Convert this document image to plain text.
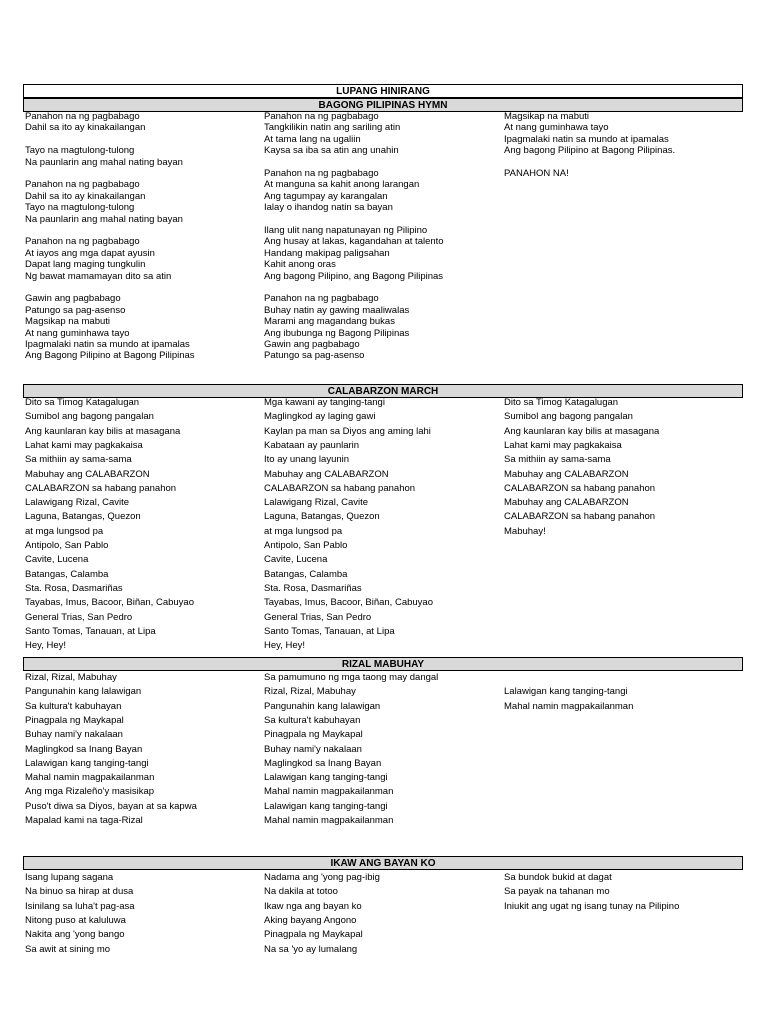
LUPANG HINIRANG
BAGONG PILIPINAS HYMN
Panahon na ng pagbabago
Dahil sa ito ay kinakailangan
Tayo na magtulong-tulong
Na paunlarin ang mahal nating bayan
Panahon na ng pagbabago
Dahil sa ito ay kinakailangan
Tayo na magtulong-tulong
Na paunlarin ang mahal nating bayan
Panahon na ng pagbabago
At iayos ang mga dapat ayusin
Dapat lang maging tungkulin
Ng bawat mamamayan dito sa atin
Gawin ang pagbabago
Patungo sa pag-asenso
Magsikap na mabuti
At nang guminhawa tayo
Ipagmalaki natin sa mundo at ipamalas
Ang Bagong Pilipino at Bagong Pilipinas
Panahon na ng pagbabago
Tangkilikin natin ang sariling atin
At tama lang na ugaliin
Kaysa sa iba sa atin ang unahin
Panahon na ng pagbabago
At manguna sa kahit anong larangan
Ang tagumpay ay karangalan
Ialay o ihandog natin sa bayan
Ilang ulit nang napatunayan ng Pilipino
Ang husay at lakas, kagandahan at talento
Handang makipag paligsahan
Kahit anong oras
Ang bagong Pilipino, ang Bagong Pilipinas
Panahon na ng pagbabago
Buhay natin ay gawing maaliwalas
Marami ang magandang bukas
Ang ibubunga ng Bagong Pilipinas
Gawin ang pagbabago
Patungo sa pag-asenso
Magsikap na mabuti
At nang guminhawa tayo
Ipagmalaki natin sa mundo at ipamalas
Ang bagong Pilipino at Bagong Pilipinas.
PANAHON NA!
CALABARZON MARCH
Dito sa Timog Katagalugan
Sumibol ang bagong pangalan
Ang kaunlaran kay bilis at masagana
Lahat kami may pagkakaisa
Sa mithiin ay sama-sama
Mabuhay ang CALABARZON
CALABARZON sa habang panahon
Lalawigang Rizal, Cavite
Laguna, Batangas, Quezon
at mga lungsod pa
Antipolo, San Pablo
Cavite, Lucena
Batangas, Calamba
Sta. Rosa, Dasmariñas
Tayabas, Imus, Bacoor, Biñan, Cabuyao
General Trias, San Pedro
Santo Tomas, Tanauan, at Lipa
Hey, Hey!
Mga kawani ay tanging-tangi
Maglingkod ay laging gawi
Kaylan pa man sa Diyos ang aming lahi
Kabataan ay paunlarin
Ito ay unang layunin
Mabuhay ang CALABARZON
CALABARZON sa habang panahon
Lalawigang Rizal, Cavite
Laguna, Batangas, Quezon
at mga lungsod pa
Antipolo, San Pablo
Cavite, Lucena
Batangas, Calamba
Sta. Rosa, Dasmariñas
Tayabas, Imus, Bacoor, Biñan, Cabuyao
General Trias, San Pedro
Santo Tomas, Tanauan, at Lipa
Hey, Hey!
Dito sa Timog Katagalugan
Sumibol ang bagong pangalan
Ang kaunlaran kay bilis at masagana
Lahat kami may pagkakaisa
Sa mithiin ay sama-sama
Mabuhay ang CALABARZON
CALABARZON sa habang panahon
Mabuhay ang CALABARZON
CALABARZON sa habang panahon
Mabuhay!
RIZAL MABUHAY
Rizal, Rizal, Mabuhay
Pangunahin kang lalawigan
Sa kultura't kabuhayan
Pinagpala ng Maykapal
Buhay nami'y nakalaan
Maglingkod sa Inang Bayan
Lalawigan kang tanging-tangi
Mahal namin magpakailanman
Ang mga Rizaleño'y masisikap
Puso't diwa sa Diyos, bayan at sa kapwa
Mapalad kami na taga-Rizal
Sa pamumuno ng mga taong may dangal
Rizal, Rizal, Mabuhay
Pangunahin kang lalawigan
Sa kultura't kabuhayan
Pinagpala ng Maykapal
Buhay nami'y nakalaan
Maglingkod sa Inang Bayan
Lalawigan kang tanging-tangi
Mahal namin magpakailanman
Lalawigan kang tanging-tangi
Mahal namin magpakailanman
Lalawigan kang tanging-tangi
Mahal namin magpakailanman
IKAW ANG BAYAN KO
Isang lupang sagana
Na binuo sa hirap at dusa
Isinilang sa luha't pag-asa
Nitong puso at kaluluwa
Nakita ang 'yong bango
Sa awit at sining mo
Nadama ang 'yong pag-ibig
Na dakila at totoo
Ikaw nga ang bayan ko
Aking bayang Angono
Pinagpala ng Maykapal
Na sa 'yo ay lumalang
Sa bundok bukid at dagat
Sa payak na tahanan mo
Iniukit ang ugat ng isang tunay na Pilipino
